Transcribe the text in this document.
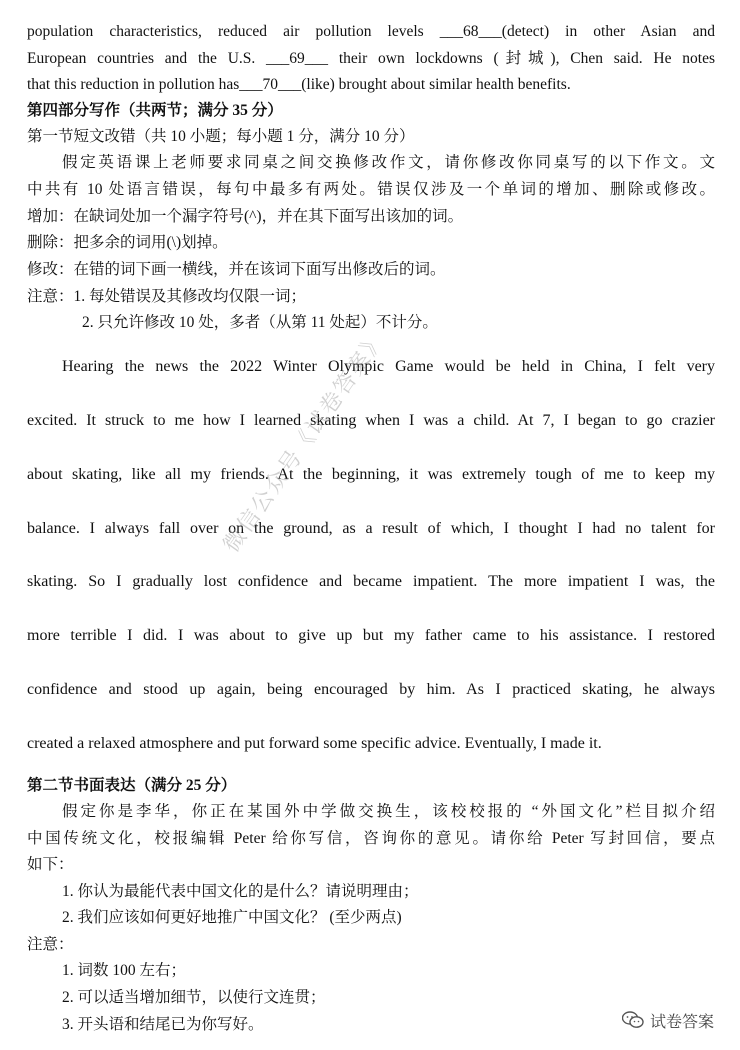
population characteristics, reduced air pollution levels ___68___(detect) in other Asian and
European countries and the U.S. ___69___ their own lockdowns (封城), Chen said. He notes
that this reduction in pollution has___70___(like) brought about similar health benefits.
第四部分写作（共两节；满分 35 分）
第一节短文改错（共 10 小题；每小题 1 分，满分 10 分）
假定英语课上老师要求同桌之间交换修改作文，请你修改你同桌写的以下作文。文
中共有 10 处语言错误，每句中最多有两处。错误仅涉及一个单词的增加、删除或修改。
增加：在缺词处加一个漏字符号(^)，并在其下面写出该加的词。
删除：把多余的词用(\)划掉。
修改：在错的词下画一横线，并在该词下面写出修改后的词。
注意：1. 每处错误及其修改均仅限一词；
2. 只允许修改 10 处，多者（从第 11 处起）不计分。
Hearing the news the 2022 Winter Olympic Game would be held in China, I felt very
excited. It struck to me how I learned skating when I was a child. At 7, I began to go crazier
about skating, like all my friends. At the beginning, it was extremely tough of me to keep my
balance. I always fall over on the ground, as a result of which, I thought I had no talent for
skating. So I gradually lost confidence and became impatient. The more impatient I was, the
more terrible I did. I was about to give up but my father came to his assistance. I restored
confidence and stood up again, being encouraged by him. As I practiced skating, he always
created a relaxed atmosphere and put forward some specific advice. Eventually, I made it.
第二节书面表达（满分 25 分）
假定你是李华，你正在某国外中学做交换生，该校校报的 “外国文化”栏目拟介绍
中国传统文化，校报编辑 Peter 给你写信，咨询你的意见。请你给 Peter 写封回信，要点
如下：
1. 你认为最能代表中国文化的是什么？请说明理由；
2. 我们应该如何更好地推广中国文化？ (至少两点)
注意：
1. 词数 100 左右；
2. 可以适当增加细节，以使行文连贯；
3. 开头语和结尾已为你写好。
微信公众号《试卷答案》
试卷答案
